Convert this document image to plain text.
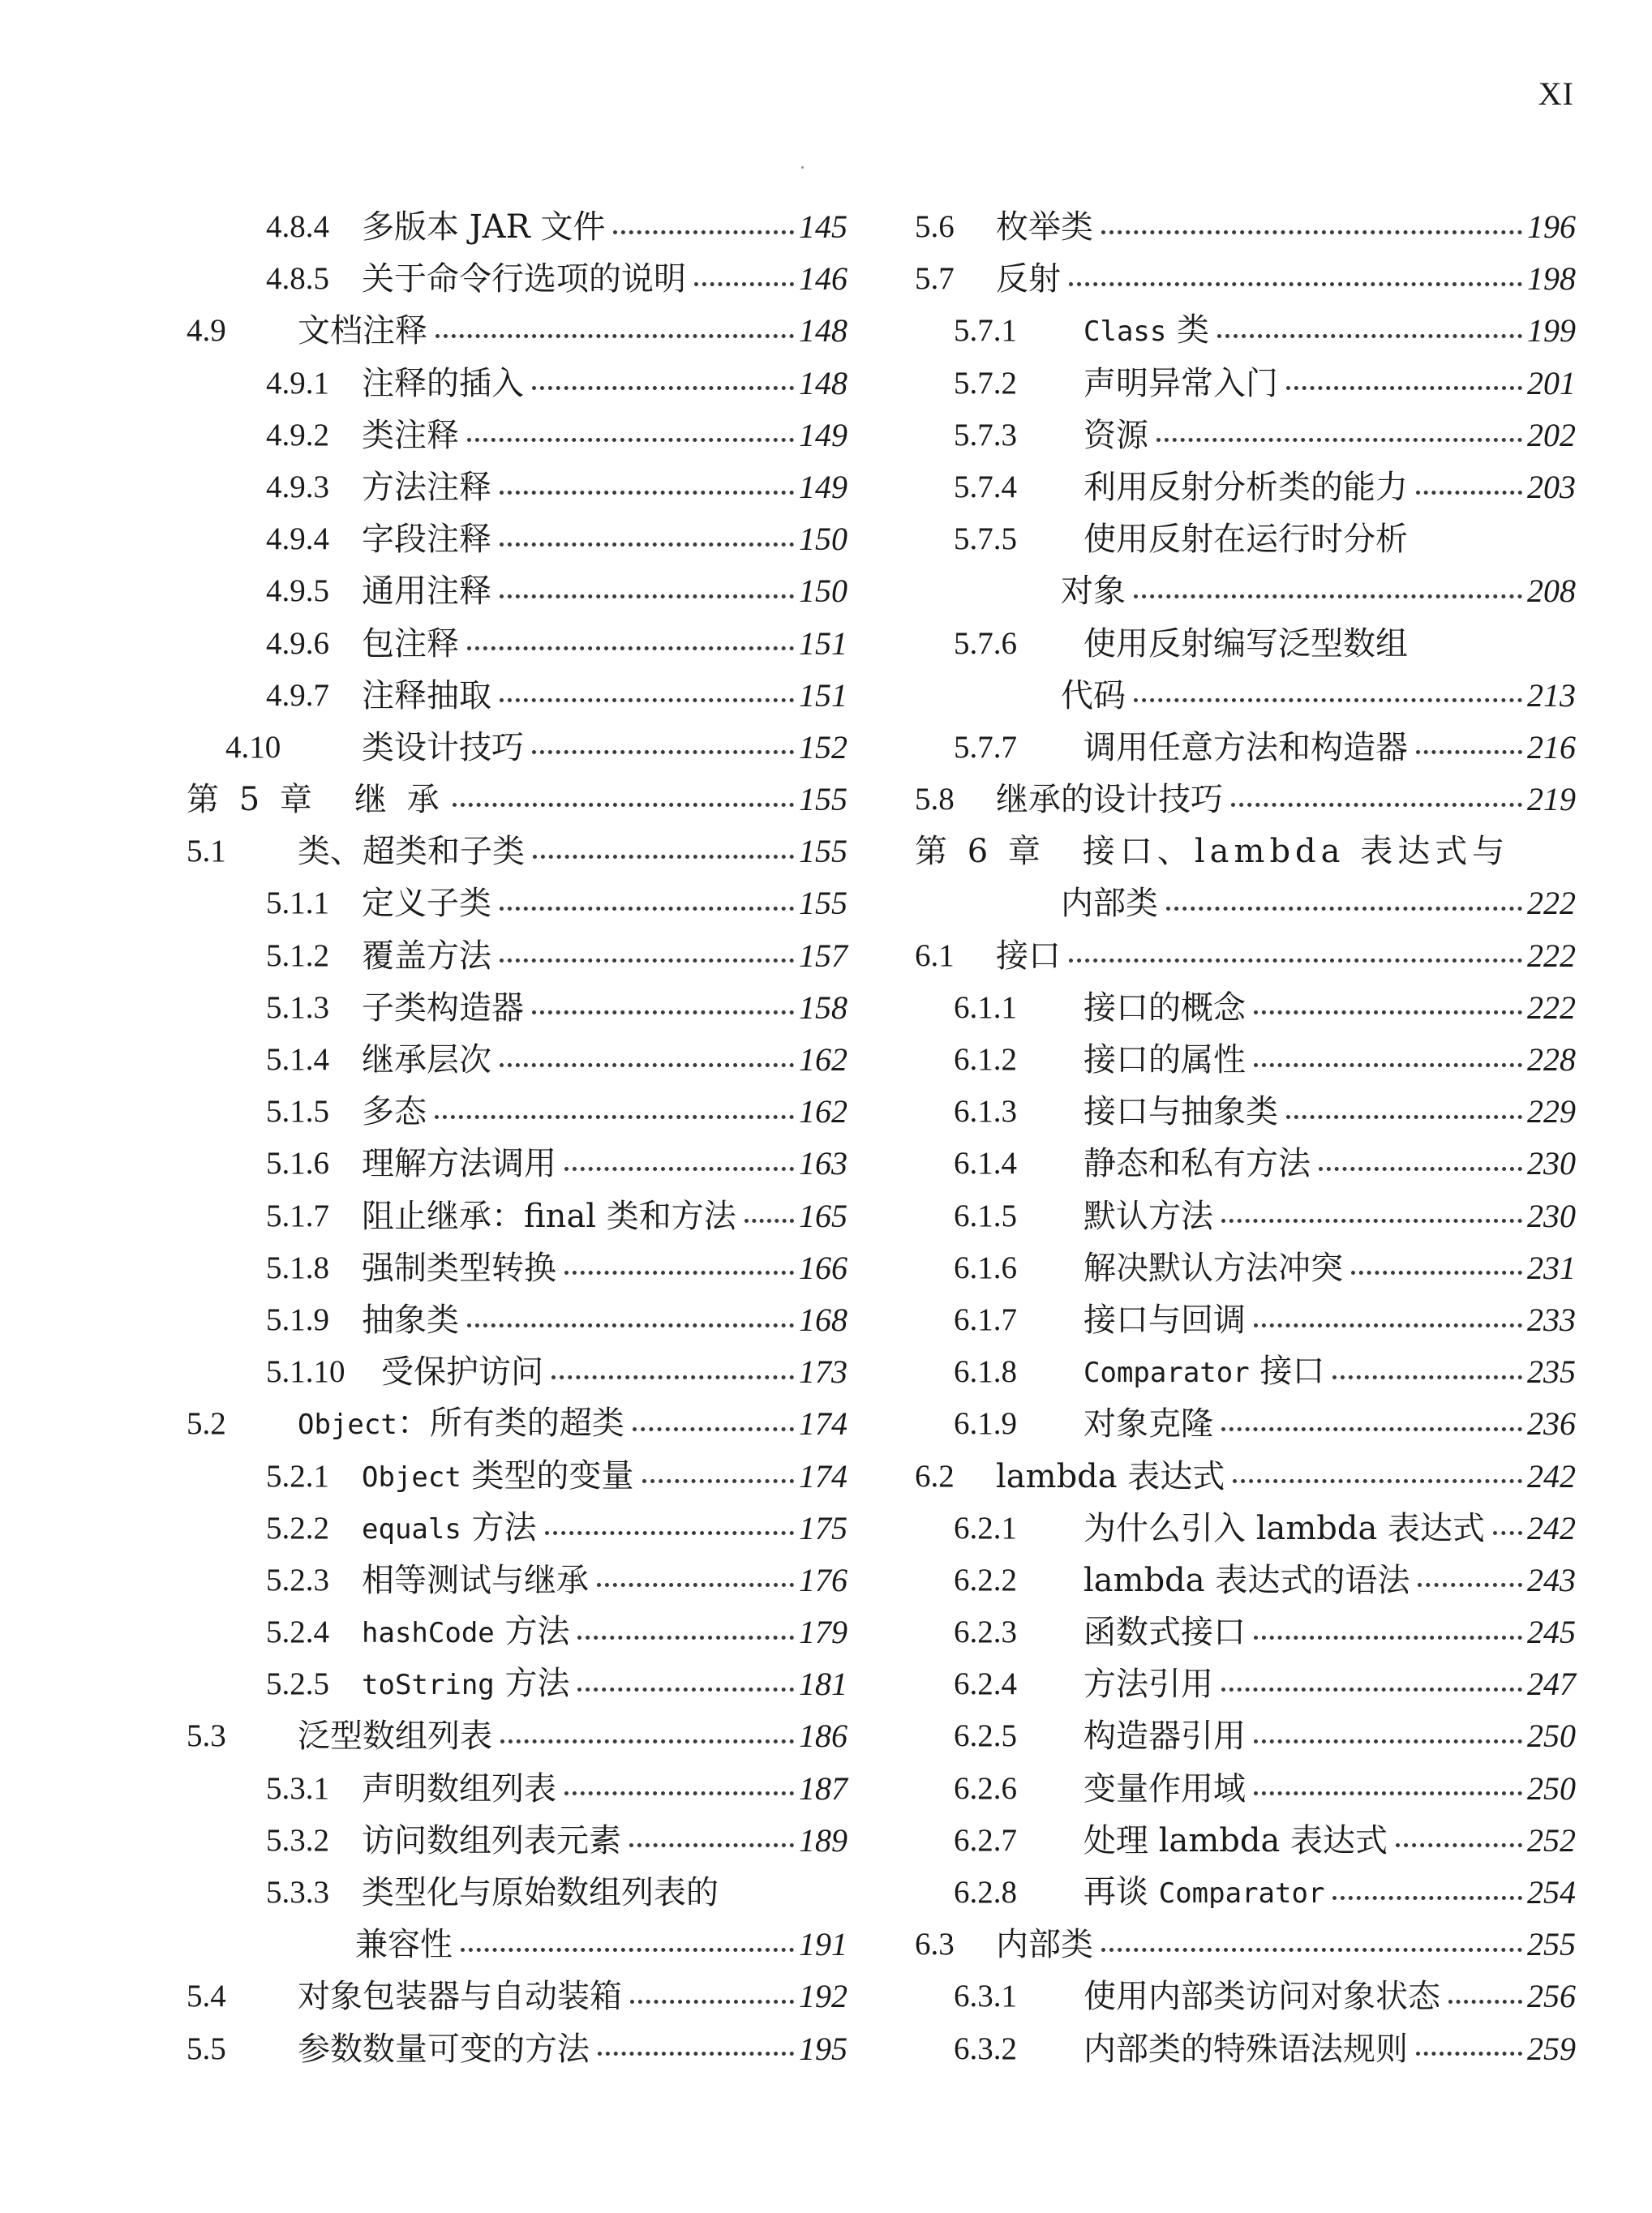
XI
4.8.4 多版本 JAR 文件	145
4.8.5 关于命令行选项的说明	146
4.9 文档注释	148
4.9.1 注释的插入	148
4.9.2 类注释	149
4.9.3 方法注释	149
4.9.4 字段注释	150
4.9.5 通用注释	150
4.9.6 包注释	151
4.9.7 注释抽取	151
4.10 类设计技巧	152
第 5 章　继 承	155
5.1 类、超类和子类	155
5.1.1 定义子类	155
5.1.2 覆盖方法	157
5.1.3 子类构造器	158
5.1.4 继承层次	162
5.1.5 多态	162
5.1.6 理解方法调用	163
5.1.7 阻止继承：final 类和方法 165
5.1.8 强制类型转换	166
5.1.9 抽象类	168
5.1.10 受保护访问	173
5.2	Object：所有类的超类	174
5.2.1 Object 类型的变量	174
5.2.2 equals 方法	175
5.2.3 相等测试与继承	176
5.2.4 hashCode 方法	179
5.2.5 toString 方法	181
5.3 泛型数组列表	186
5.3.1 声明数组列表	187
5.3.2 访问数组列表元素	189
5.3.3 类型化与原始数组列表的
兼容性	191
5.4 对象包装器与自动装箱	192
5.5 参数数量可变的方法	195
5.6 枚举类	196
5.7 反射	198
5.7.1 Class 类	199
5.7.2 声明异常入门	201
5.7.3 资源	202
5.7.4 利用反射分析类的能力	203
5.7.5 使用反射在运行时分析
对象	208
5.7.6 使用反射编写泛型数组
代码	213
5.7.7 调用任意方法和构造器	216
5.8 继承的设计技巧	219
第 6 章　接口、lambda 表达式与
内部类	222
6.1 接口	222
6.1.1 接口的概念	222
6.1.2 接口的属性	228
6.1.3 接口与抽象类	229
6.1.4 静态和私有方法	230
6.1.5 默认方法	230
6.1.6 解决默认方法冲突	231
6.1.7 接口与回调	233
6.1.8 Comparator 接口	235
6.1.9 对象克隆	236
6.2 lambda 表达式	242
6.2.1 为什么引入 lambda 表达式 242
6.2.2 lambda 表达式的语法	243
6.2.3 函数式接口	245
6.2.4 方法引用	247
6.2.5 构造器引用	250
6.2.6 变量作用域	250
6.2.7 处理 lambda 表达式	252
6.2.8 再谈 Comparator	254
6.3 内部类	255
6.3.1 使用内部类访问对象状态	256
6.3.2 内部类的特殊语法规则	259
